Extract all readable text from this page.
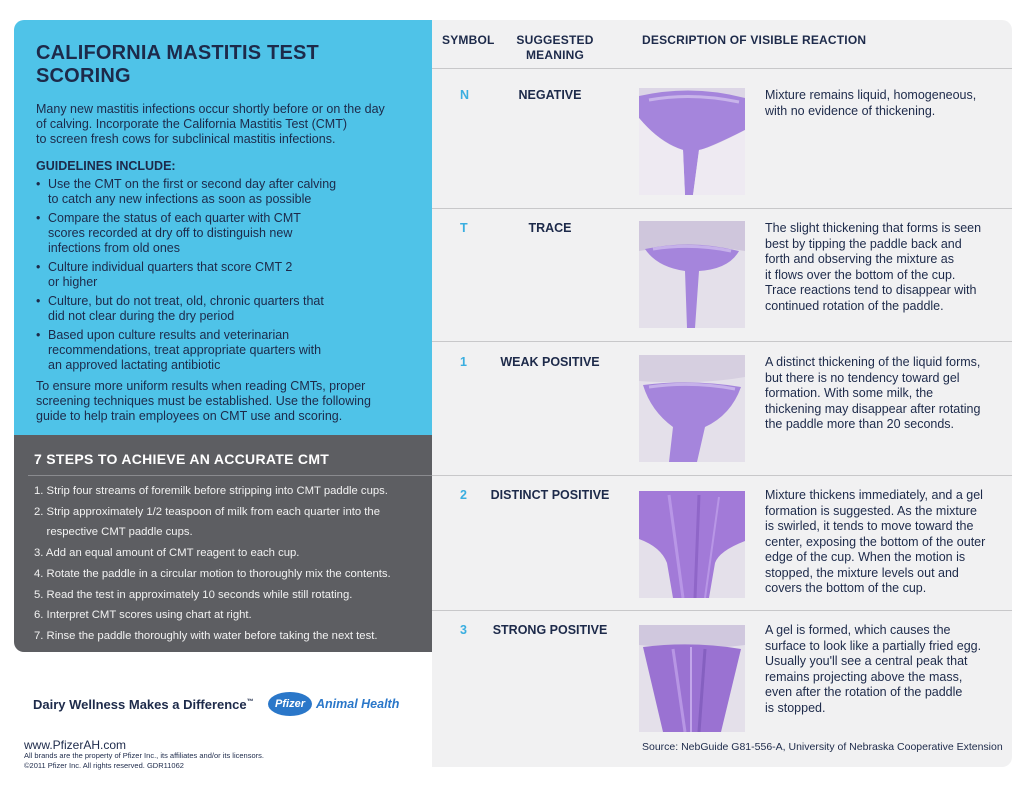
CALIFORNIA MASTITIS TEST SCORING
Many new mastitis infections occur shortly before or on the day
of calving. Incorporate the California Mastitis Test (CMT)
to screen fresh cows for subclinical mastitis infections.
GUIDELINES INCLUDE:
• Use the CMT on the first or second day after calving
to catch any new infections as soon as possible
• Compare the status of each quarter with CMT
scores recorded at dry off to distinguish new
infections from old ones
• Culture individual quarters that score CMT 2
or higher
• Culture, but do not treat, old, chronic quarters that
did not clear during the dry period
• Based upon culture results and veterinarian
recommendations, treat appropriate quarters with
an approved lactating antibiotic
To ensure more uniform results when reading CMTs, proper
screening techniques must be established. Use the following
guide to help train employees on CMT use and scoring.
7 STEPS TO ACHIEVE AN ACCURATE CMT
1. Strip four streams of foremilk before stripping into CMT paddle cups.
2. Strip approximately 1/2 teaspoon of milk from each quarter into the
respective CMT paddle cups.
3. Add an equal amount of CMT reagent to each cup.
4. Rotate the paddle in a circular motion to thoroughly mix the contents.
5. Read the test in approximately 10 seconds while still rotating.
6. Interpret CMT scores using chart at right.
7. Rinse the paddle thoroughly with water before taking the next test.
Dairy Wellness Makes a Difference™ Pfizer Animal Health
www.PfizerAH.com
All brands are the property of Pfizer Inc., its affiliates and/or its licensors.
©2011 Pfizer Inc. All rights reserved. GDR11062
SYMBOL	SUGGESTED
MEANING
DESCRIPTION OF VISIBLE REACTION
N	NEGATIVE	Mixture remains liquid, homogeneous,
with no evidence of thickening.
T	TRACE	The slight thickening that forms is seen
best by tipping the paddle back and
forth and observing the mixture as
it flows over the bottom of the cup.
Trace reactions tend to disappear with
continued rotation of the paddle.
1	WEAK POSITIVE	A distinct thickening of the liquid forms,
but there is no tendency toward gel
formation. With some milk, the
thickening may disappear after rotating
the paddle more than 20 seconds.
2	DISTINCT POSITIVE	Mixture thickens immediately, and a gel
formation is suggested. As the mixture
is swirled, it tends to move toward the
center, exposing the bottom of the outer
edge of the cup. When the motion is
stopped, the mixture levels out and
covers the bottom of the cup.
3	STRONG POSITIVE	A gel is formed, which causes the
surface to look like a partially fried egg.
Usually you'll see a central peak that
remains projecting above the mass,
even after the rotation of the paddle
is stopped.
Source: NebGuide G81-556-A, University of Nebraska Cooperative Extension
